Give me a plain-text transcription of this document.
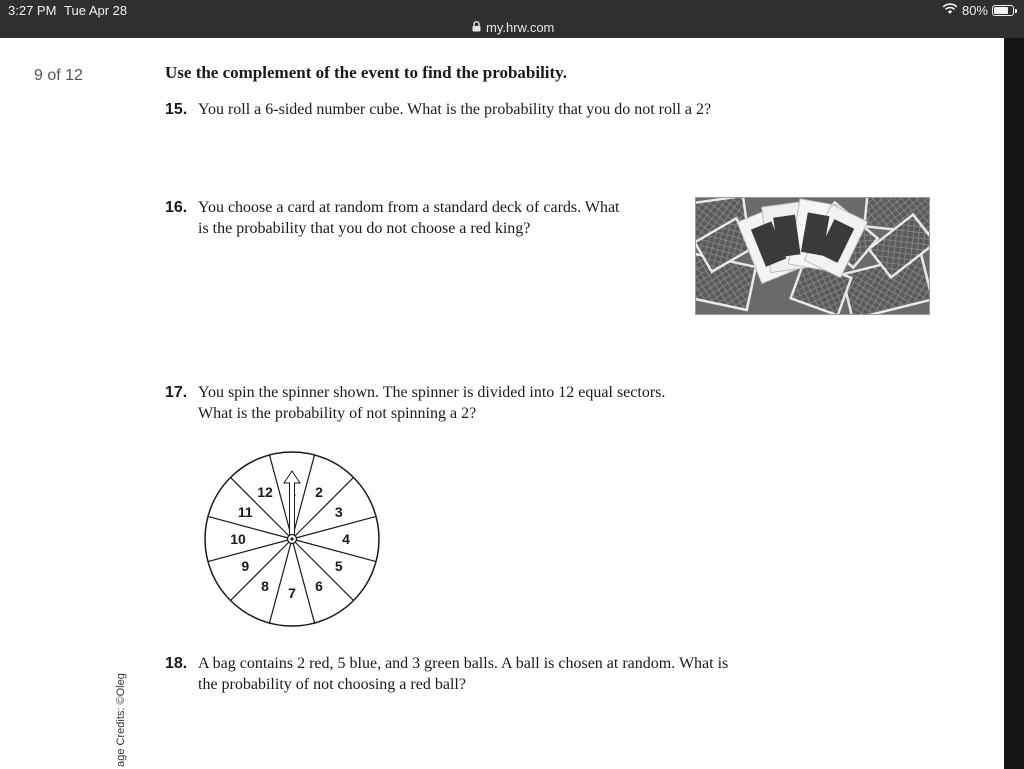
3:27 PM Tue Apr 28	80%
my.hrw.com
9 of 12	Use the complement of the event to find the probability.
15. You roll a 6-sided number cube. What is the probability that you do not roll a 2?
16. You choose a card at random from a standard deck of cards. What
is the probability that you do not choose a red king?
17. You spin the spinner shown. The spinner is divided into 12 equal sectors.
What is the probability of not spinning a 2?
2
3
4
5
6
7
8
9
10
11
12
18. A bag contains 2 red, 5 blue, and 3 green balls. A ball is chosen at random. What is
the probability of not choosing a red ball?
age Credits: ©Oleg
